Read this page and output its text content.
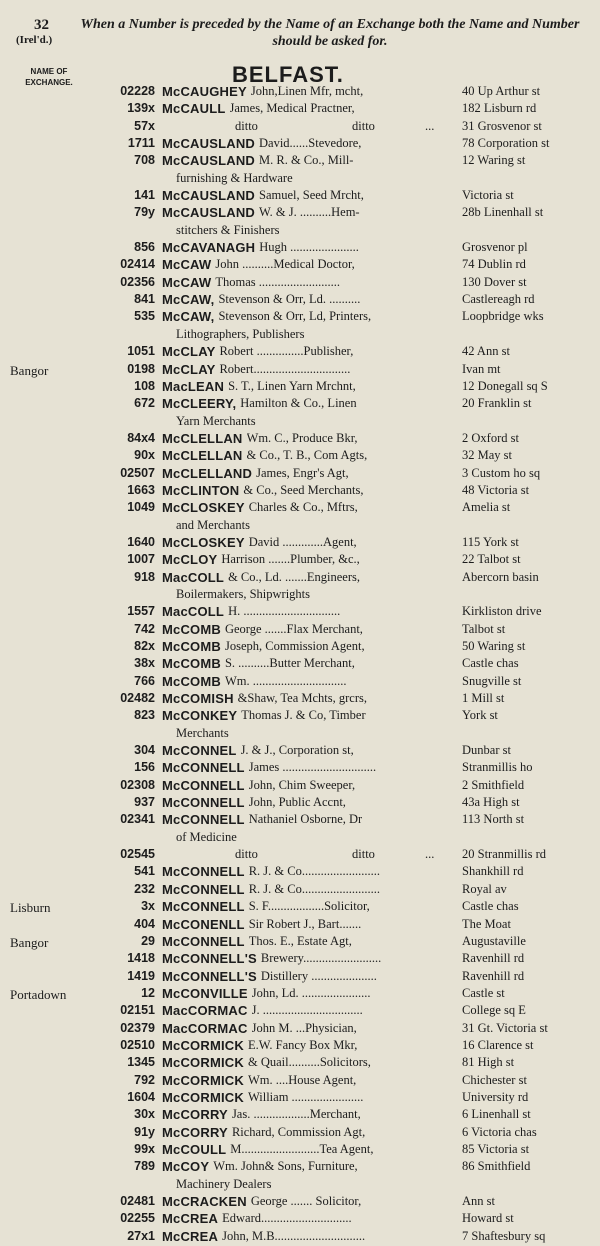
32
(Irel'd.)
When a Number is preceded by the Name of an Exchange both the Name and Number should be asked for.
NAME OF EXCHANGE.	BELFAST.
02228 McCAUGHEY John,Linen Mfr, mcht,	40 Up Arthur st
139x McCAULL James, Medical Practner,	182 Lisburn rd
57x	ditto	ditto	... 31 Grosvenor st
1711 McCAUSLAND David......Stevedore,	78 Corporation st
708 McCAUSLAND M. R. & Co., Mill-	12 Waring st
furnishing & Hardware
141 McCAUSLAND Samuel, Seed Mrcht,	Victoria st
79y McCAUSLAND W. & J. ..........Hem-	28b Linenhall st
stitchers & Finishers
856 McCAVANAGH Hugh ......................	Grosvenor pl
02414 McCAW John ..........Medical Doctor,	74 Dublin rd
02356 McCAW Thomas ..........................	130 Dover st
841 McCAW, Stevenson & Orr, Ld. ..........	Castlereagh rd
535 McCAW, Stevenson & Orr, Ld, Printers,	Loopbridge wks
Lithographers, Publishers
1051 McCLAY Robert ...............Publisher,	42 Ann st
Bangor	0198 McCLAY Robert...............................	Ivan mt
108 MacLEAN S. T., Linen Yarn Mrchnt,	12 Donegall sq S
672 McCLEERY, Hamilton & Co., Linen	20 Franklin st
Yarn Merchants
84x4 McCLELLAN Wm. C., Produce Bkr,	2 Oxford st
90x McCLELLAN & Co., T. B., Com Agts,	32 May st
02507 McCLELLAND James, Engr's Agt,	3 Custom ho sq
1663 McCLINTON & Co., Seed Merchants,	48 Victoria st
1049 McCLOSKEY Charles & Co., Mftrs,	Amelia st
and Merchants
1640 McCLOSKEY David .............Agent,	115 York st
1007 McCLOY Harrison .......Plumber, &c.,	22 Talbot st
918 MacCOLL & Co., Ld. .......Engineers,	Abercorn basin
Boilermakers, Shipwrights
1557 MacCOLL H. ...............................	Kirkliston drive
742 McCOMB George .......Flax Merchant,	Talbot st
82x McCOMB Joseph, Commission Agent,	50 Waring st
38x McCOMB S. ..........Butter Merchant,	Castle chas
766 McCOMB Wm. ..............................	Snugville st
02482 McCOMISH &Shaw, Tea Mchts, grcrs,	1 Mill st
823 McCONKEY Thomas J. & Co, Timber	York st
Merchants
304 McCONNEL J. & J., Corporation st,	Dunbar st
156 McCONNELL James ..............................	Stranmillis ho
02308 McCONNELL John, Chim Sweeper,	2 Smithfield
937 McCONNELL John, Public Accnt,	43a High st
02341 McCONNELL Nathaniel Osborne, Dr	113 North st
of Medicine
02545	ditto	ditto	... 20 Stranmillis rd
541 McCONNELL R. J. & Co.........................	Shankhill rd
232 McCONNELL R. J. & Co.........................	Royal av
Lisburn	3x McCONNELL S. F..................Solicitor,	Castle chas
404 McCONENLL Sir Robert J., Bart.......	The Moat
Bangor	29 McCONNELL Thos. E., Estate Agt,	Augustaville
1418 McCONNELL'S Brewery.........................	Ravenhill rd
1419 McCONNELL'S Distillery .....................	Ravenhill rd
Portadown	12 McCONVILLE John, Ld. ......................	Castle st
02151 MacCORMAC J. ................................	College sq E
02379 MacCORMAC John M. ...Physician,	31 Gt. Victoria st
02510 McCORMICK E.W. Fancy Box Mkr,	16 Clarence st
1345 McCORMICK & Quail..........Solicitors,	81 High st
792 McCORMICK Wm. ....House Agent,	Chichester st
1604 McCORMICK William .......................	University rd
30x McCORRY Jas. ..................Merchant,	6 Linenhall st
91y McCORRY Richard, Commission Agt,	6 Victoria chas
99x McCOULL M.........................Tea Agent,	85 Victoria st
789 McCOY Wm. John& Sons, Furniture,	86 Smithfield
Machinery Dealers
02481 McCRACKEN George ....... Solicitor,	Ann st
02255 McCREA Edward.............................	Howard st
27x1 McCREA John, M.B.............................	7 Shaftesbury sq
